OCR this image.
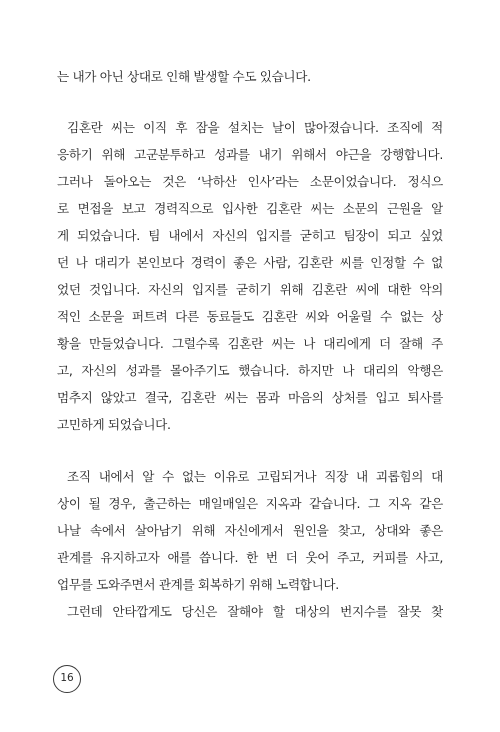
는 내가 아닌 상대로 인해 발생할 수도 있습니다.
김혼란 씨는 이직 후 잠을 설치는 날이 많아졌습니다. 조직에 적
응하기 위해 고군분투하고 성과를 내기 위해서 야근을 강행합니다.
그러나 돌아오는 것은 ‘낙하산 인사’라는 소문이었습니다. 정식으
로 면접을 보고 경력직으로 입사한 김혼란 씨는 소문의 근원을 알
게 되었습니다. 팀 내에서 자신의 입지를 굳히고 팀장이 되고 싶었
던 나 대리가 본인보다 경력이 좋은 사람, 김혼란 씨를 인정할 수 없
었던 것입니다. 자신의 입지를 굳히기 위해 김혼란 씨에 대한 악의
적인 소문을 퍼트려 다른 동료들도 김혼란 씨와 어울릴 수 없는 상
황을 만들었습니다. 그럴수록 김혼란 씨는 나 대리에게 더 잘해 주
고, 자신의 성과를 몰아주기도 했습니다. 하지만 나 대리의 악행은
멈추지 않았고 결국, 김혼란 씨는 몸과 마음의 상처를 입고 퇴사를
고민하게 되었습니다.
조직 내에서 알 수 없는 이유로 고립되거나 직장 내 괴롭힘의 대
상이 될 경우, 출근하는 매일매일은 지옥과 같습니다. 그 지옥 같은
나날 속에서 살아남기 위해 자신에게서 원인을 찾고, 상대와 좋은
관계를 유지하고자 애를 씁니다. 한 번 더 웃어 주고, 커피를 사고,
업무를 도와주면서 관계를 회복하기 위해 노력합니다.
그런데 안타깝게도 당신은 잘해야 할 대상의 번지수를 잘못 찾
16
